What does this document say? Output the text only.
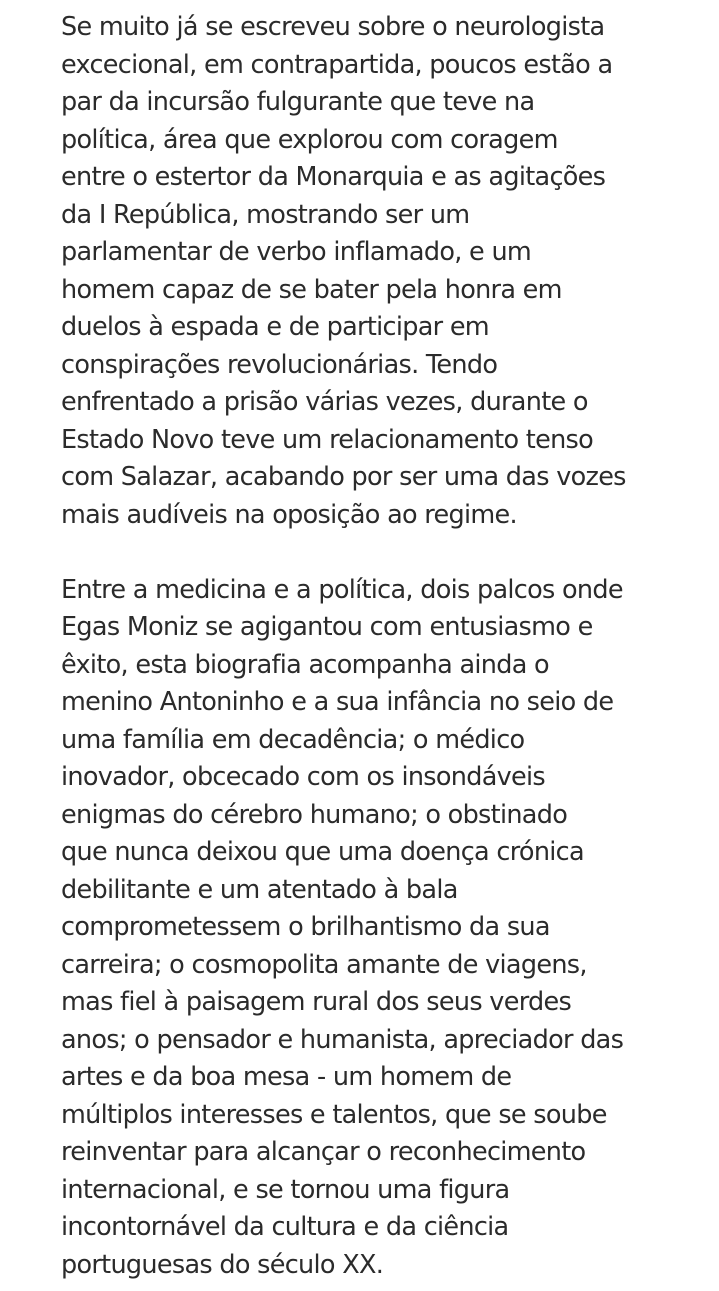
Se muito já se escreveu sobre o neurologista
excecional, em contrapartida, poucos estão a
par da incursão fulgurante que teve na
política, área que explorou com coragem
entre o estertor da Monarquia e as agitações
da I República, mostrando ser um
parlamentar de verbo inflamado, e um
homem capaz de se bater pela honra em
duelos à espada e de participar em
conspirações revolucionárias. Tendo
enfrentado a prisão várias vezes, durante o
Estado Novo teve um relacionamento tenso
com Salazar, acabando por ser uma das vozes
mais audíveis na oposição ao regime.

Entre a medicina e a política, dois palcos onde
Egas Moniz se agigantou com entusiasmo e
êxito, esta biografia acompanha ainda o
menino Antoninho e a sua infância no seio de
uma família em decadência; o médico
inovador, obcecado com os insondáveis
enigmas do cérebro humano; o obstinado
que nunca deixou que uma doença crónica
debilitante e um atentado à bala
comprometessem o brilhantismo da sua
carreira; o cosmopolita amante de viagens,
mas fiel à paisagem rural dos seus verdes
anos; o pensador e humanista, apreciador das
artes e da boa mesa - um homem de
múltiplos interesses e talentos, que se soube
reinventar para alcançar o reconhecimento
internacional, e se tornou uma figura
incontornável da cultura e da ciência
portuguesas do século XX.
